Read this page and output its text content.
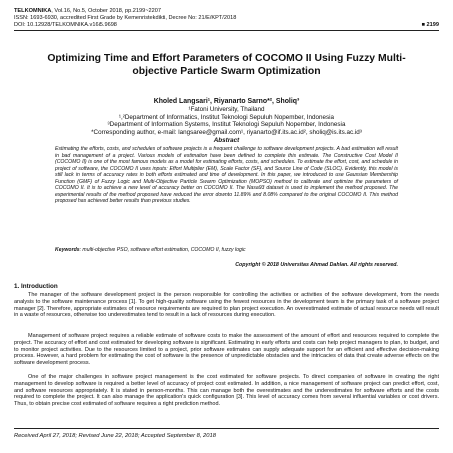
TELKOMNIKA, Vol.16, No.5, October 2018, pp.2199~2207
ISSN: 1693-6930, accredited First Grade by Kemenristekdikti, Decree No: 21/E/KPT/2018
DOI: 10.12928/TELKOMNIKA.v16i5.9698	■ 2199
Optimizing Time and Effort Parameters of COCOMO II Using Fuzzy Multi-objective Particle Swarm Optimization
Kholed Langsari¹, Riyanarto Sarno*², Sholiq³
¹Fatoni University, Thailand
¹,²Department of Informatics, Institut Teknologi Sepuluh Nopember, Indonesia
³Department of Information Systems, Institut Teknologi Sepuluh Nopember, Indonesia
*Corresponding author, e-mail: langsaree@gmail.com¹, riyanarto@if.its.ac.id², sholiq@is.its.ac.id³
Abstract

Estimating the efforts, costs, and schedules of software projects is a frequent challenge to software development projects. A bad estimation will result in bad management of a project. Various models of estimation have been defined to complete this estimate. The Constructive Cost Model II (COCOMO II) is one of the most famous models as a model for estimating efforts, costs, and schedules. To estimate the effort, cost, and schedule in project of software, the COCOMO II uses inputs: Effort Multiplier (EM), Scale Factor (SF), and Source Line of Code (SLOC). Evidently, this model is still lack in terms of accuracy rates in both efforts estimated and time of development. In this paper, we introduced to use Gaussian Membership Function (GMF) of Fuzzy Logic and Multi-Objective Particle Swarm Optimization (MOPSO) method to calibrate and optimize the parameters of COCOMO II. It is to achieve a new level of accuracy better on COCOMO II. The Nasa93 dataset is used to implement the method proposed. The experimental results of the method proposed have reduced the error downto 11.89% and 8.08% compared to the original COCOMO II. This method proposed has achieved better results than previous studies.

Keywords: multi-objective PSO, software effort estimation, COCOMO II, fuzzy logic

Copyright © 2018 Universitas Ahmad Dahlan. All rights reserved.
1. Introduction

The manager of the software development project is the person responsible for controlling the activities or activities of the software development, from the needs analysis to the software maintenance process [1]. To get high-quality software using the fewest resources in the development team is the primary task of a software project manager [2]. Therefore, appropriate estimates of resource requirements are required to plan project execution. An overestimated estimate of actual resource needs will result in a waste of resources, otherwise too underestimates tend to result in a lack of resources during execution.

Management of software project requires a reliable estimate of software costs to make the assessment of the amount of effort and resources required to complete the project. The accuracy of effort and cost estimated for developing software is significant. Estimating in early efforts and costs can help project managers to plan, to budget, and to monitor project activities. Due to the resources limited to a project, prior software estimates can supply adequate support for an efficient and effective decision-making process. However, a hard problem for estimating the cost of software is the presence of unpredictable obstacles and the intricacies of data that create adverse effects on the software development process.

One of the major challenges in software project management is the cost estimated for software projects. To direct companies of software in creating the right management to develop software is required a better level of accuracy of project cost estimated. In addition, a nice management of software project can predict effort, cost, and software resources appropriately. It is stated in person-months. This can manage both the overestimates and the underestimates for software efforts and the costs required to complete the project. It can also manage the application's quick configuration [3]. This level of accuracy comes from several influential variables or cost drivers. Thus, to obtain precise cost estimated of software requires a right prediction method.

Received April 27, 2018; Revised June 22, 2018; Accepted September 8, 2018
